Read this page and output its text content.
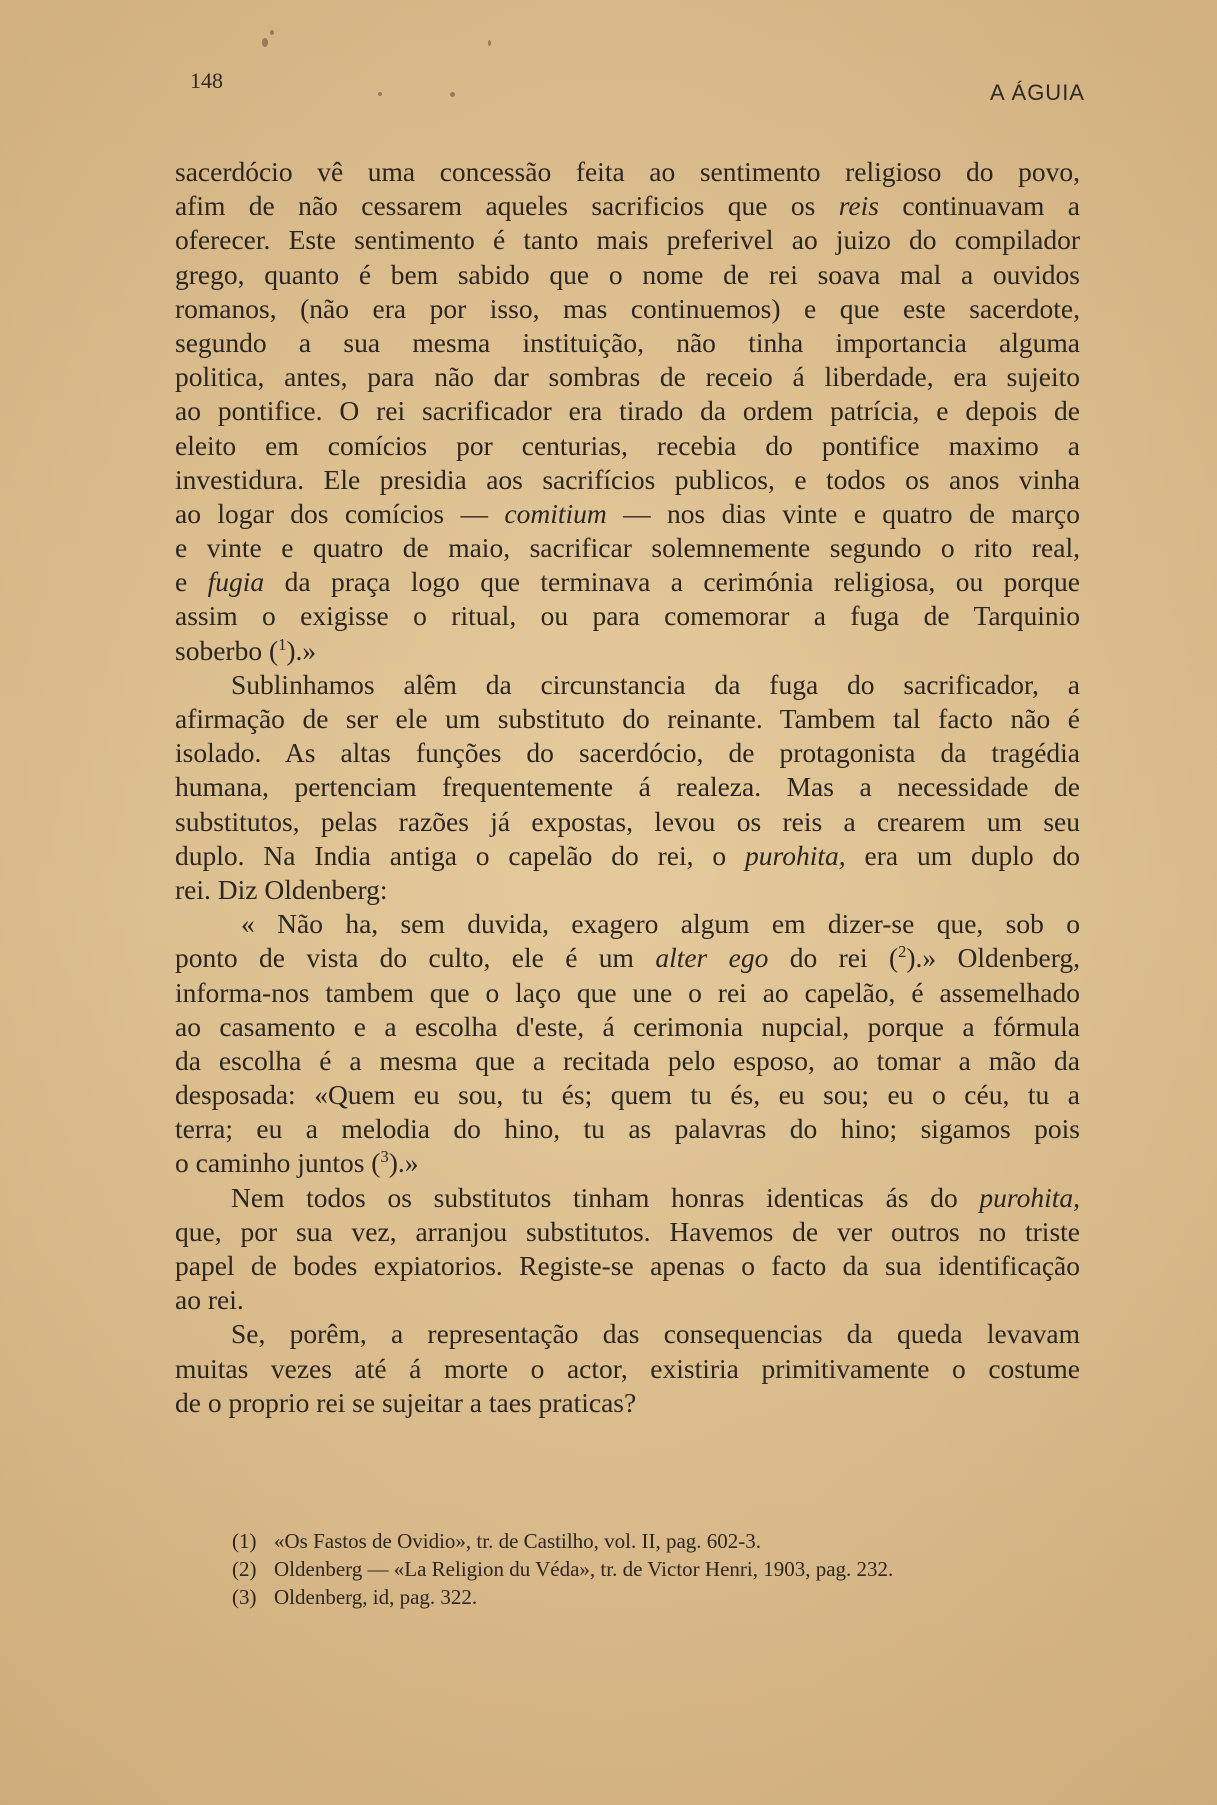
148	A ÁGUIA
sacerdócio vê uma concessão feita ao sentimento religioso do povo,
afim de não cessarem aqueles sacrificios que os reis continuavam a
oferecer. Este sentimento é tanto mais preferivel ao juizo do compilador
grego, quanto é bem sabido que o nome de rei soava mal a ouvidos
romanos, (não era por isso, mas continuemos) e que este sacerdote,
segundo a sua mesma instituição, não tinha importancia alguma
politica, antes, para não dar sombras de receio á liberdade, era sujeito
ao pontifice. O rei sacrificador era tirado da ordem patrícia, e depois de
eleito em comícios por centurias, recebia do pontifice maximo a
investidura. Ele presidia aos sacrifícios publicos, e todos os anos vinha
ao logar dos comícios — comitium — nos dias vinte e quatro de março
e vinte e quatro de maio, sacrificar solemnemente segundo o rito real,
e fugia da praça logo que terminava a cerimónia religiosa, ou porque
assim o exigisse o ritual, ou para comemorar a fuga de Tarquinio
soberbo ($^1$).»
Sublinhamos alêm da circunstancia da fuga do sacrificador, a
afirmação de ser ele um substituto do reinante. Tambem tal facto não é
isolado. As altas funções do sacerdócio, de protagonista da tragédia
humana, pertenciam frequentemente á realeza. Mas a necessidade de
substitutos, pelas razões já expostas, levou os reis a crearem um seu
duplo. Na India antiga o capelão do rei, o purohita, era um duplo do
rei. Diz Oldenberg:
« Não ha, sem duvida, exagero algum em dizer-se que, sob o
ponto de vista do culto, ele é um alter ego do rei ($^2$).» Oldenberg,
informa-nos tambem que o laço que une o rei ao capelão, é assemelhado
ao casamento e a escolha d'este, á cerimonia nupcial, porque a fórmula
da escolha é a mesma que a recitada pelo esposo, ao tomar a mão da
desposada: «Quem eu sou, tu és; quem tu és, eu sou; eu o céu, tu a
terra; eu a melodia do hino, tu as palavras do hino; sigamos pois
o caminho juntos ($^3$).»
Nem todos os substitutos tinham honras identicas ás do purohita,
que, por sua vez, arranjou substitutos. Havemos de ver outros no triste
papel de bodes expiatorios. Registe-se apenas o facto da sua identificação
ao rei.
Se, porêm, a representação das consequencias da queda levavam
muitas vezes até á morte o actor, existiria primitivamente o costume
de o proprio rei se sujeitar a taes praticas?
(1) «Os Fastos de Ovidio», tr. de Castilho, vol. II, pag. 602-3.
(2) Oldenberg — «La Religion du Véda», tr. de Victor Henri, 1903, pag. 232.
(3) Oldenberg, id, pag. 322.
